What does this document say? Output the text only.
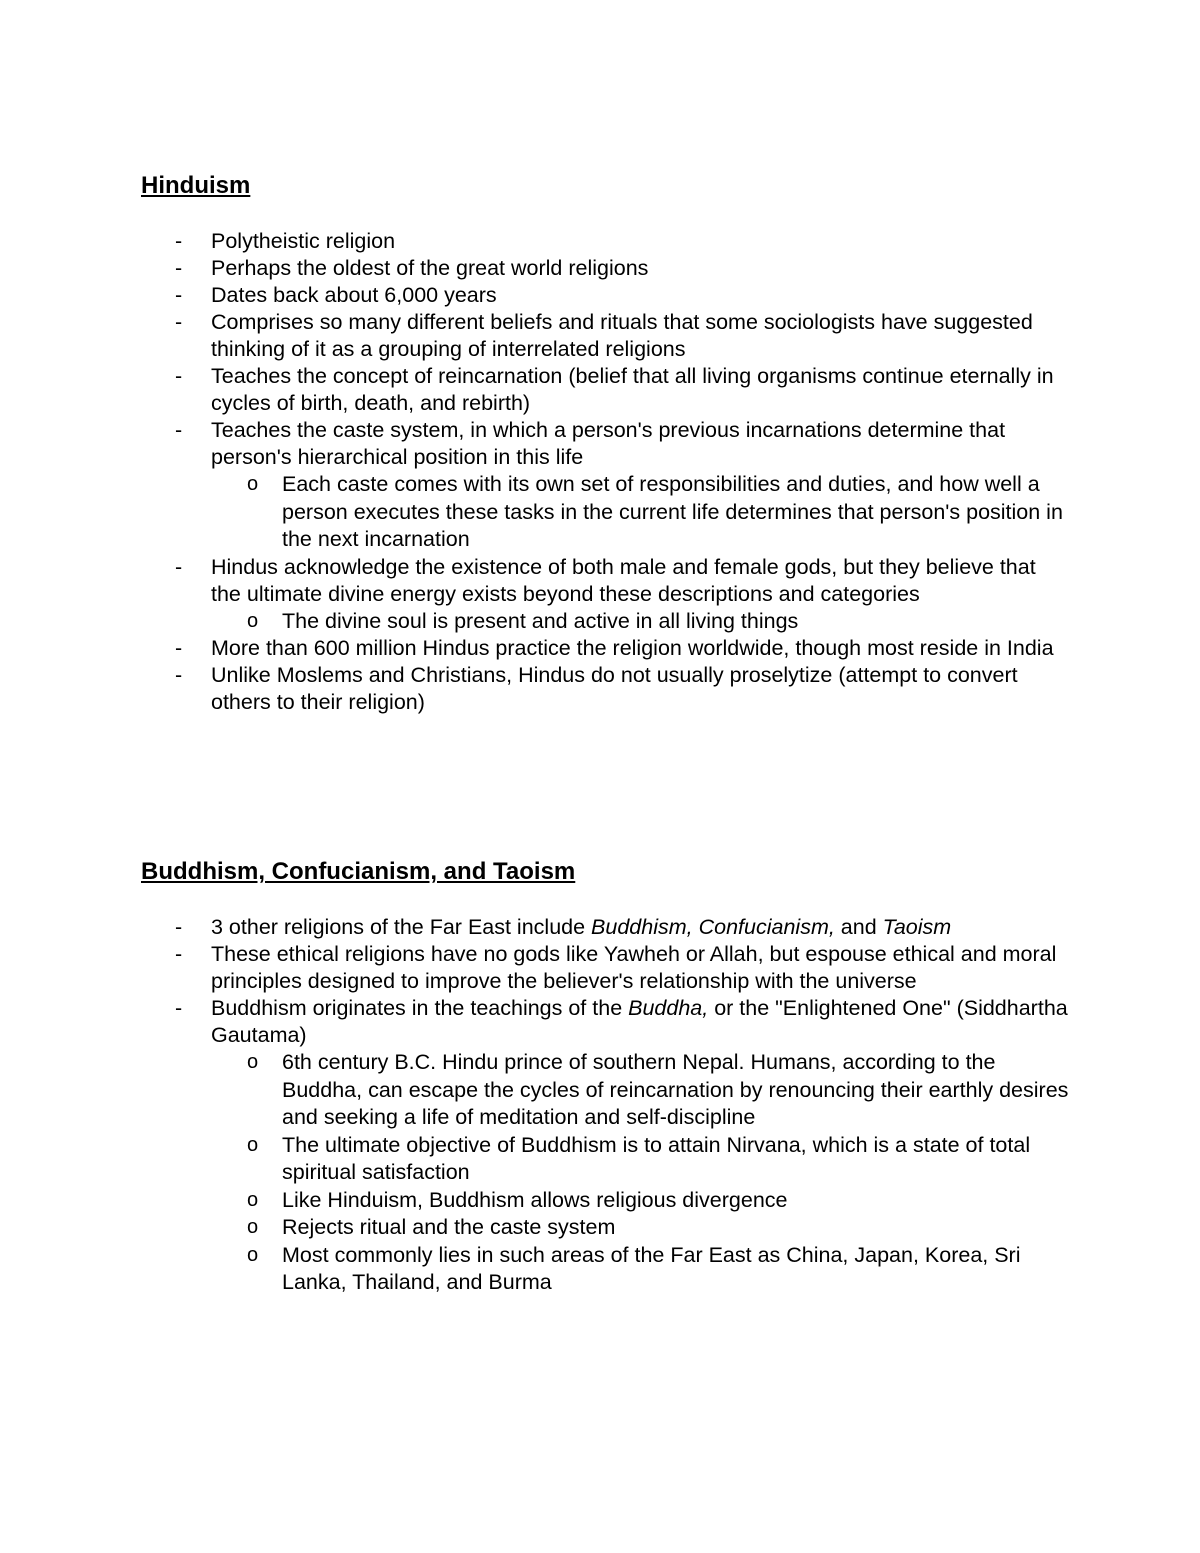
Hinduism
- Polytheistic religion
- Perhaps the oldest of the great world religions
- Dates back about 6,000 years
- Comprises so many different beliefs and rituals that some sociologists have suggested thinking of it as a grouping of interrelated religions
- Teaches the concept of reincarnation (belief that all living organisms continue eternally in cycles of birth, death, and rebirth)
- Teaches the caste system, in which a person's previous incarnations determine that person's hierarchical position in this life
o Each caste comes with its own set of responsibilities and duties, and how well a person executes these tasks in the current life determines that person's position in the next incarnation
- Hindus acknowledge the existence of both male and female gods, but they believe that the ultimate divine energy exists beyond these descriptions and categories
o The divine soul is present and active in all living things
- More than 600 million Hindus practice the religion worldwide, though most reside in India
- Unlike Moslems and Christians, Hindus do not usually proselytize (attempt to convert others to their religion)
Buddhism, Confucianism, and Taoism
- 3 other religions of the Far East include Buddhism, Confucianism, and Taoism
- These ethical religions have no gods like Yawheh or Allah, but espouse ethical and moral principles designed to improve the believer's relationship with the universe
- Buddhism originates in the teachings of the Buddha, or the "Enlightened One" (Siddhartha Gautama)
o 6th century B.C. Hindu prince of southern Nepal. Humans, according to the Buddha, can escape the cycles of reincarnation by renouncing their earthly desires and seeking a life of meditation and self-discipline
o The ultimate objective of Buddhism is to attain Nirvana, which is a state of total spiritual satisfaction
o Like Hinduism, Buddhism allows religious divergence
o Rejects ritual and the caste system
o Most commonly lies in such areas of the Far East as China, Japan, Korea, Sri Lanka, Thailand, and Burma
